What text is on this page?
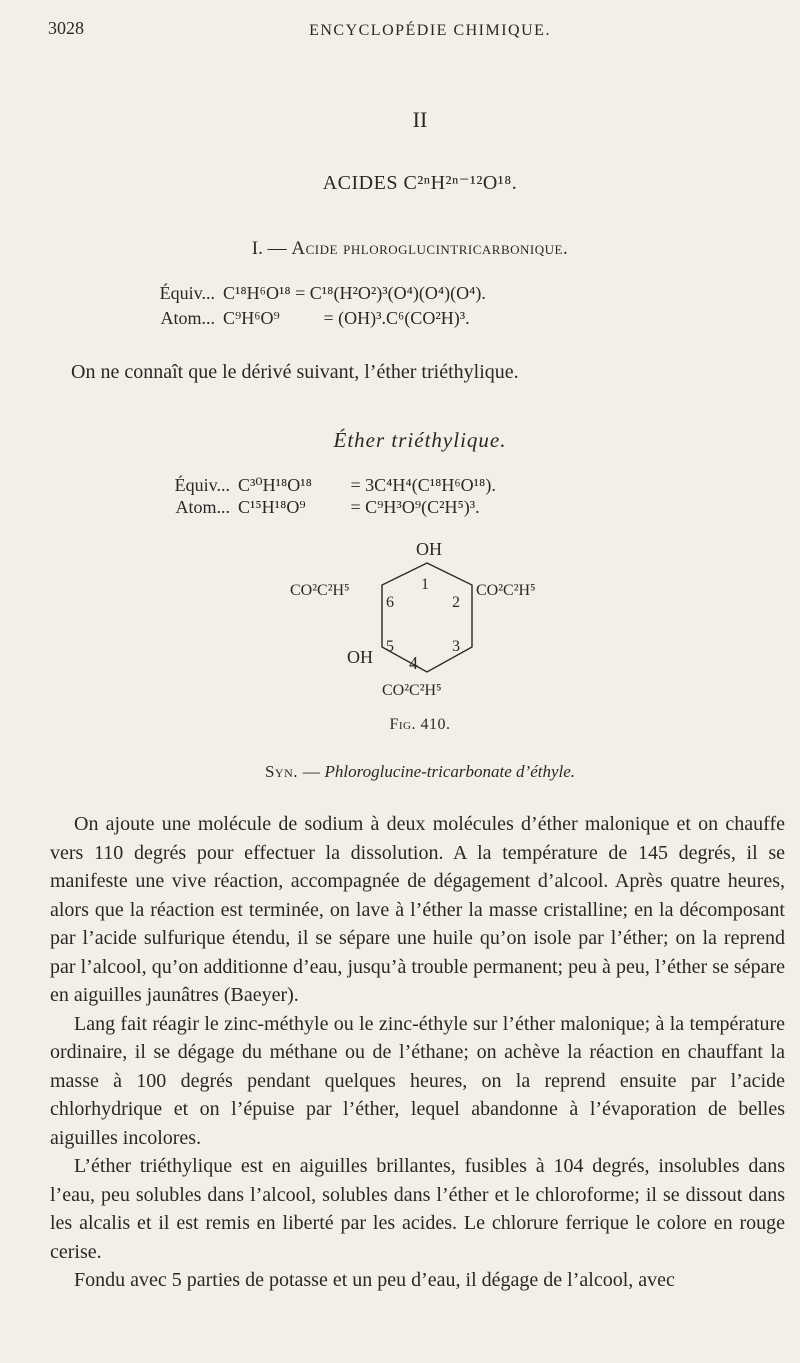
3028	ENCYCLOPÉDIE CHIMIQUE.
II
ACIDES C²ⁿH²ⁿ⁻¹²O¹⁸.
I. — Acide phloroglucintricarbonique.
Équiv... C¹⁸H⁶O¹⁸ = C¹⁸(H²O²)³(O⁴)(O⁴)(O⁴).
Atom... C⁹H⁶O⁹ = (OH)³.C⁶(CO²H)³.
On ne connaît que le dérivé suivant, l’éther triéthylique.
Éther triéthylique.
Équiv... C³⁰H¹⁸O¹⁸ = 3C⁴H⁴(C¹⁸H⁶O¹⁸).
Atom... C¹⁵H¹⁸O⁹ = C⁹H³O⁹(C²H⁵)³.
OH
CO²C²H⁵	CO²C²H⁵
OH
CO²C²H⁵
1
2
3
4
5
6
Fig. 410.
Syn. — Phloroglucine-tricarbonate d’éthyle.

On ajoute une molécule de sodium à deux molécules d’éther malonique et on chauffe vers 110 degrés pour effectuer la dissolution. A la température de 145 degrés, il se manifeste une vive réaction, accompagnée de dégagement d’alcool. Après quatre heures, alors que la réaction est terminée, on lave à l’éther la masse cristalline; en la décomposant par l’acide sulfurique étendu, il se sépare une huile qu’on isole par l’éther; on la reprend par l’alcool, qu’on additionne d’eau, jusqu’à trouble permanent; peu à peu, l’éther se sépare en aiguilles jaunâtres (Baeyer).

Lang fait réagir le zinc-méthyle ou le zinc-éthyle sur l’éther malonique; à la température ordinaire, il se dégage du méthane ou de l’éthane; on achève la réaction en chauffant la masse à 100 degrés pendant quelques heures, on la reprend ensuite par l’acide chlorhydrique et on l’épuise par l’éther, lequel abandonne à l’évaporation de belles aiguilles incolores.

L’éther triéthylique est en aiguilles brillantes, fusibles à 104 degrés, insolubles dans l’eau, peu solubles dans l’alcool, solubles dans l’éther et le chloroforme; il se dissout dans les alcalis et il est remis en liberté par les acides. Le chlorure ferrique le colore en rouge cerise.

Fondu avec 5 parties de potasse et un peu d’eau, il dégage de l’alcool, avec
